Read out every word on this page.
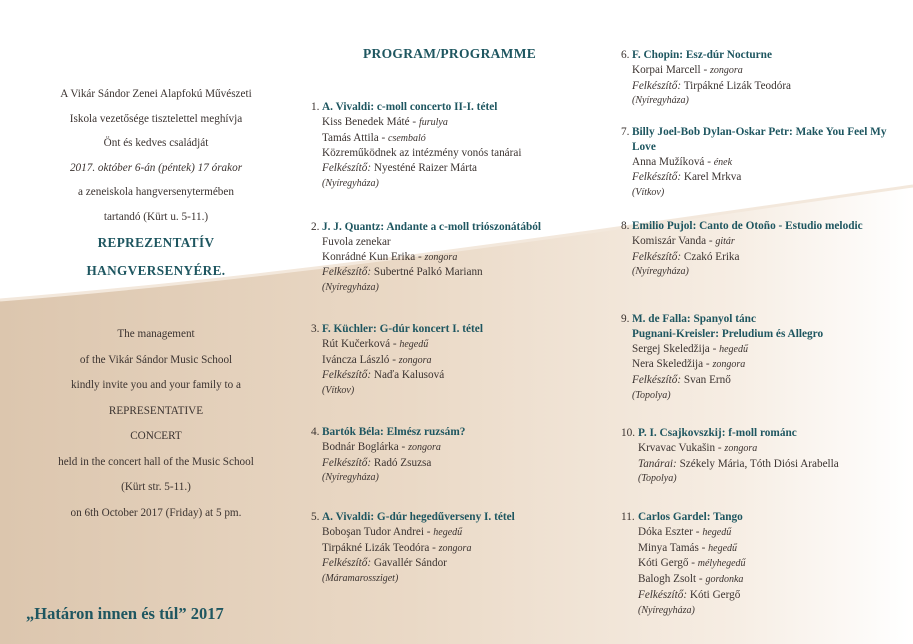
A Vikár Sándor Zenei Alapfokú Művészeti
Iskola vezetősége tisztelettel meghívja
Önt és kedves családját
2017. október 6-án (péntek) 17 órakor
a zeneiskola hangversenytermében
tartandó (Kürt u. 5-11.)
REPREZENTATÍV
HANGVERSENYÉRE.
The management
of the Vikár Sándor Music School
kindly invite you and your family to a
REPRESENTATIVE
CONCERT
held in the concert hall of the Music School
(Kürt str. 5-11.)
on 6th October 2017 (Friday) at 5 pm.
„Határon innen és túl” 2017
PROGRAM/PROGRAMME
1. A. Vivaldi: c-moll concerto II-I. tétel
Kiss Benedek Máté - furulya
Tamás Attila - csembaló
Közreműködnek az intézmény vonós tanárai
Felkészítő: Nyesténé Raizer Márta
(Nyíregyháza)
2. J. J. Quantz: Andante a c-moll triószonátából
Fuvola zenekar
Konrádné Kun Erika - zongora
Felkészítő: Subertné Palkó Mariann
(Nyíregyháza)
3. F. Küchler: G-dúr koncert I. tétel
Rút Kučerková - hegedű
Iváncza László - zongora
Felkészítő: Naďa Kalusová
(Vítkov)
4. Bartók Béla: Elmész ruzsám?
Bodnár Boglárka - zongora
Felkészítő: Radó Zsuzsa
(Nyíregyháza)
5. A. Vivaldi: G-dúr hegedűverseny I. tétel
Boboşan Tudor Andrei - hegedű
Tirpákné Lizák Teodóra - zongora
Felkészítő: Gavallér Sándor
(Máramarossziget)
6. F. Chopin: Esz-dúr Nocturne
Korpai Marcell - zongora
Felkészítő: Tirpákné Lizák Teodóra
(Nyíregyháza)
7. Billy Joel-Bob Dylan-Oskar Petr: Make You Feel My Love
Anna Mužíková - ének
Felkészítő: Karel Mrkva
(Vítkov)
8. Emilio Pujol: Canto de Otoño - Estudio melodic
Komiszár Vanda - gitár
Felkészítő: Czakó Erika
(Nyíregyháza)
9. M. de Falla: Spanyol tánc
Pugnani-Kreisler: Preludium és Allegro
Sergej Skeledžija - hegedű
Nera Skeledžija - zongora
Felkészítő: Svan Ernő
(Topolya)
10. P. I. Csajkovszkij: f-moll románc
Krvavac Vukašin - zongora
Tanárai: Székely Mária, Tóth Diósi Arabella
(Topolya)
11. Carlos Gardel: Tango
Dóka Eszter - hegedű
Minya Tamás - hegedű
Kóti Gergő - mélyhegedű
Balogh Zsolt - gordonka
Felkészítő: Kóti Gergő
(Nyíregyháza)
